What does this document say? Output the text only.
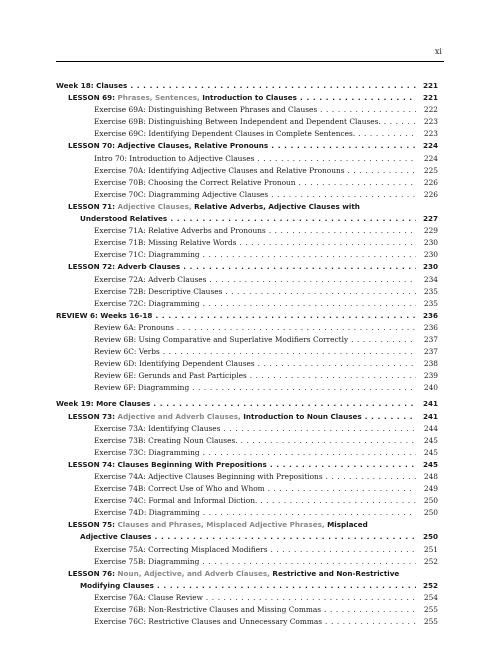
xi
Week 18: Clauses . . .	221
LESSON 69: Phrases, Sentences, Introduction to Clauses . . .	221
Exercise 69A: Distinguishing Between Phrases and Clauses . . .	222
Exercise 69B: Distinguishing Between Independent and Dependent Clauses. . . .	223
Exercise 69C: Identifying Dependent Clauses in Complete Sentences. . . .	223
LESSON 70: Adjective Clauses, Relative Pronouns . . .	224
Intro 70: Introduction to Adjective Clauses . . .	224
Exercise 70A: Identifying Adjective Clauses and Relative Pronouns . . .	225
Exercise 70B: Choosing the Correct Relative Pronoun . . .	226
Exercise 70C: Diagramming Adjective Clauses . . .	226
LESSON 71: Adjective Clauses, Relative Adverbs, Adjective Clauses with
Understood Relatives . . .	227
Exercise 71A: Relative Adverbs and Pronouns . . .	229
Exercise 71B: Missing Relative Words . . .	230
Exercise 71C: Diagramming . . .	230
LESSON 72: Adverb Clauses . . .	230
Exercise 72A: Adverb Clauses . . .	234
Exercise 72B: Descriptive Clauses . . .	235
Exercise 72C: Diagramming . . .	235
REVIEW 6: Weeks 16-18 . . .	236
Review 6A: Pronouns . . .	236
Review 6B: Using Comparative and Superlative Modifiers Correctly . . .	237
Review 6C: Verbs . . .	237
Review 6D: Identifying Dependent Clauses . . .	238
Review 6E: Gerunds and Past Participles . . .	239
Review 6F: Diagramming . . .	240
Week 19: More Clauses . . .	241
LESSON 73: Adjective and Adverb Clauses, Introduction to Noun Clauses . . .	241
Exercise 73A: Identifying Clauses . . .	244
Exercise 73B: Creating Noun Clauses. . . .	245
Exercise 73C: Diagramming . . .	245
LESSON 74: Clauses Beginning With Prepositions . . .	245
Exercise 74A: Adjective Clauses Beginning with Prepositions . . .	248
Exercise 74B: Correct Use of Who and Whom . . .	249
Exercise 74C: Formal and Informal Diction. . . .	250
Exercise 74D: Diagramming . . .	250
LESSON 75: Clauses and Phrases, Misplaced Adjective Phrases, Misplaced
Adjective Clauses . . .	250
Exercise 75A: Correcting Misplaced Modifiers . . .	251
Exercise 75B: Diagramming . . .	252
LESSON 76: Noun, Adjective, and Adverb Clauses, Restrictive and Non-Restrictive
Modifying Clauses . . .	252
Exercise 76A: Clause Review . . .	254
Exercise 76B: Non-Restrictive Clauses and Missing Commas . . .	255
Exercise 76C: Restrictive Clauses and Unnecessary Commas . . .	255
